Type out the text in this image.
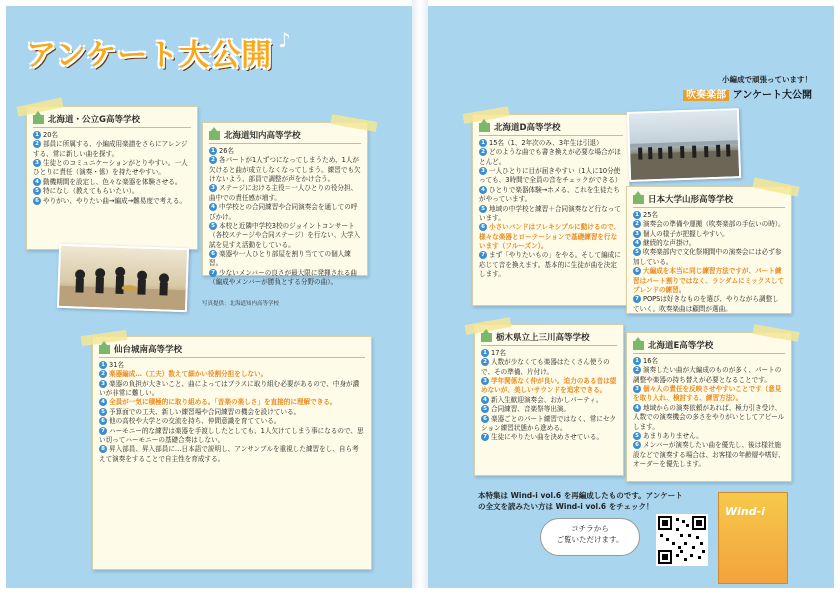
アンケート大公開 ♪
北海道・公立G高等学校

1 20名

2 部員に所属する、小編成用楽譜をさらにアレンジする、常に新しい曲を探す。

3 生徒とのコミュニケーションがとりやすい。一人ひとりに責任（演奏・係）を持たせやすい。

4 動機期間を設定し、色々な楽器を体験させる。

5 特になし（教えてもらいたい）。

6 やりがい、やりたい曲→編成→難易度で考える。

北海道知内高等学校

1 26名

2 各パートが1人ずつになってしまうため、1人が欠けると曲が成立しなくなってしまう。練習でも欠けないよう、部員で調整が声をかけ合う。

3 ステージにおける主役＝一人ひとりの役分担、曲中での責任感が増す。

4 中学校との合同練習や合同演奏会を通しての呼びかけ。

5 本校と近隣中学校3校のジョイントコンサート（各校ステージや合同ステージ）を行ない、大学入試を見すえ活動をしている。

6 楽器や一人ひとり部屋を割り当てての個人練習。

7 少ないメンバーの良さが最大限に発揮される曲（編成やメンバーが勝負とする分野の曲）。

写真提供：北海道知内高等学校
仙台城南高等学校

1 31名

2 楽器編成…（工夫）数えて細かい役割分担をしない。

3 楽器の負担が大きいこと、曲によってはブラスに取り組む必要があるので、中身が濃いが非常に難しい。

4 全員が一気に積極的に取り組める。「音楽の楽しさ」を直接的に理解できる。

5 予算面での工夫、新しい練習場や合同練習の機会を設けている。

6 他の高校や大学との交流を持ち、仲間意識を育てている。

7 ハーモニー的な練習は楽器を手渡ししたとしても、1人欠けてしまう事になるので、思い切ってハーモニーの基礎合奏はしない。

8 昇入部員、昇入部員に…日本語で説明し、アンサンブルを重視した練習をし、自ら考えて演奏をすることで自主性を育成する。

小編成で頑張っています！
吹奏楽部 アンケート大公開
北海道D高等学校

1 15名（1、2年次のみ、3年生は引退）

2 どのような曲でも書き換えが必要な場合がほとんど。

3 一人ひとりに目が届きやすい（1人に10分使っても、3時間で全員の音をチェックができる）

4 ひとりで楽器体験→ホメる、これを生徒たちがやっています。

5 地域の中学校と練習＋合同演奏など行なっています。

6 小さいバンドはフレキシブルに動けるので、様々な楽器とローテーションで基礎練習を行ないます（フルーズン）。

7 まず「やりたいもの」をやる。そして編成に応じて音を換えます。基本的に生徒が曲を決定します。

日本大学山形高等学校

1 25名

2 演奏会の準備や運搬（吹奏楽部の手伝いの時）。

3 個人の様子が把握しやすい。

4 継続的な声掛け。

5 吹奏楽部内で文化祭期間中の演奏会には必ず参加している。

6 大編成を本当に同じ練習方法ですが、パート練習はパート割りではなく、ランダムにミックスしてブレンドの練習。

7 POPSは好きなものを選び、やりながら調整していく。吹奏楽曲は顧問が選曲。

栃木県立上三川高等学校

1 17名

2 人数が少なくても楽器はたくさん使うので、その準備、片付け。

3 学年関係なく仲が良い。迫力のある音は望めないが、美しいサウンドを追求できる。

4 新入生歓迎演奏会、おかしパーティ。

5 合同練習、音楽祭等出演。

6 楽器ごとのパート練習ではなく、常にセクション練習状態から進める。

7 生徒にやりたい曲を決めさせている。

北海道E高等学校

1 16名

2 演奏したい曲が大編成のものが多く、パートの調整や楽器の持ち替えが必要となることです。

3 個々人の責任を反映させやすいことです（意見を取り入れ、検討する、練習方法）。

4 地域からの演奏依頼があれば、極力引き受け、人数での演奏機会の多さをやりがいとしてアピールします。

5 あまりありません。

6 メンバーが演奏したい曲を優先し、後は様社施設などで演奏する場合は、お客様の年齢層や嗜好、オーダーを優先します。

本特集は Wind-i vol.6 を再編成したものです。アンケート
の全文を読みたい方は Wind-i vol.6 をチェック！
コチラから
ご覧いただけます。
Wind-i
